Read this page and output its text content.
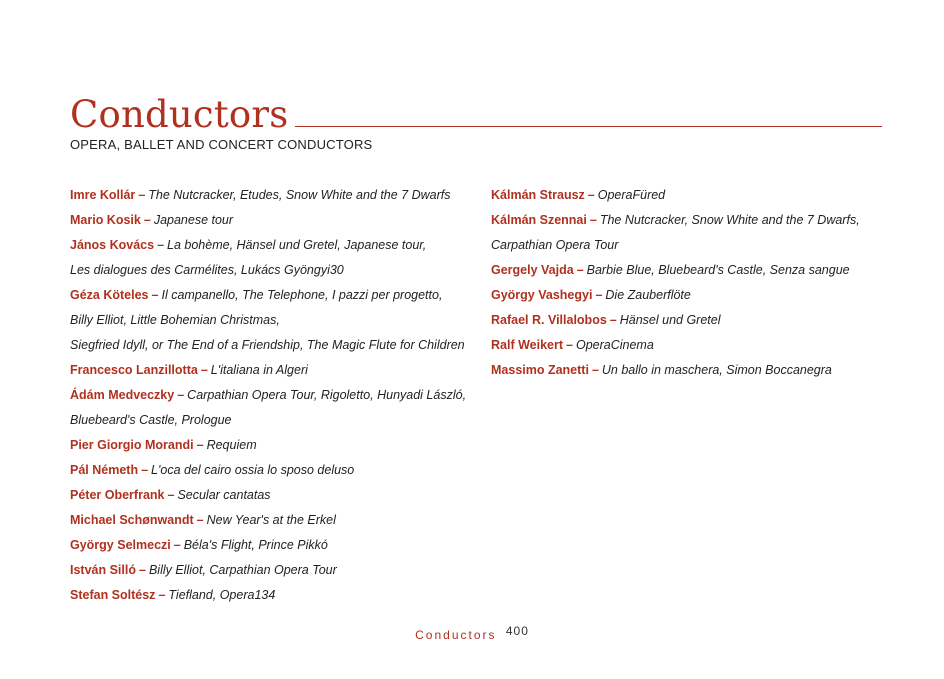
Conductors
OPERA, BALLET AND CONCERT CONDUCTORS
Imre Kollár – The Nutcracker, Etudes, Snow White and the 7 Dwarfs
Mario Kosik – Japanese tour
János Kovács – La bohème, Hänsel und Gretel, Japanese tour,
Les dialogues des Carmélites, Lukács Gyöngyi30
Géza Köteles – Il campanello, The Telephone, I pazzi per progetto,
Billy Elliot, Little Bohemian Christmas,
Siegfried Idyll, or The End of a Friendship, The Magic Flute for Children
Francesco Lanzillotta – L'italiana in Algeri
Ádám Medveczky – Carpathian Opera Tour, Rigoletto, Hunyadi László,
Bluebeard's Castle, Prologue
Pier Giorgio Morandi – Requiem
Pál Németh – L'oca del cairo ossia lo sposo deluso
Péter Oberfrank – Secular cantatas
Michael Schønwandt – New Year's at the Erkel
György Selmeczi – Béla's Flight, Prince Pikkó
István Silló – Billy Elliot, Carpathian Opera Tour
Stefan Soltész – Tiefland, Opera134
Kálmán Strausz – OperaFüred
Kálmán Szennai – The Nutcracker, Snow White and the 7 Dwarfs,
Carpathian Opera Tour
Gergely Vajda – Barbie Blue, Bluebeard's Castle, Senza sangue
György Vashegyi – Die Zauberflöte
Rafael R. Villalobos – Hänsel und Gretel
Ralf Weikert – OperaCinema
Massimo Zanetti – Un ballo in maschera, Simon Boccanegra
Conductors 400
